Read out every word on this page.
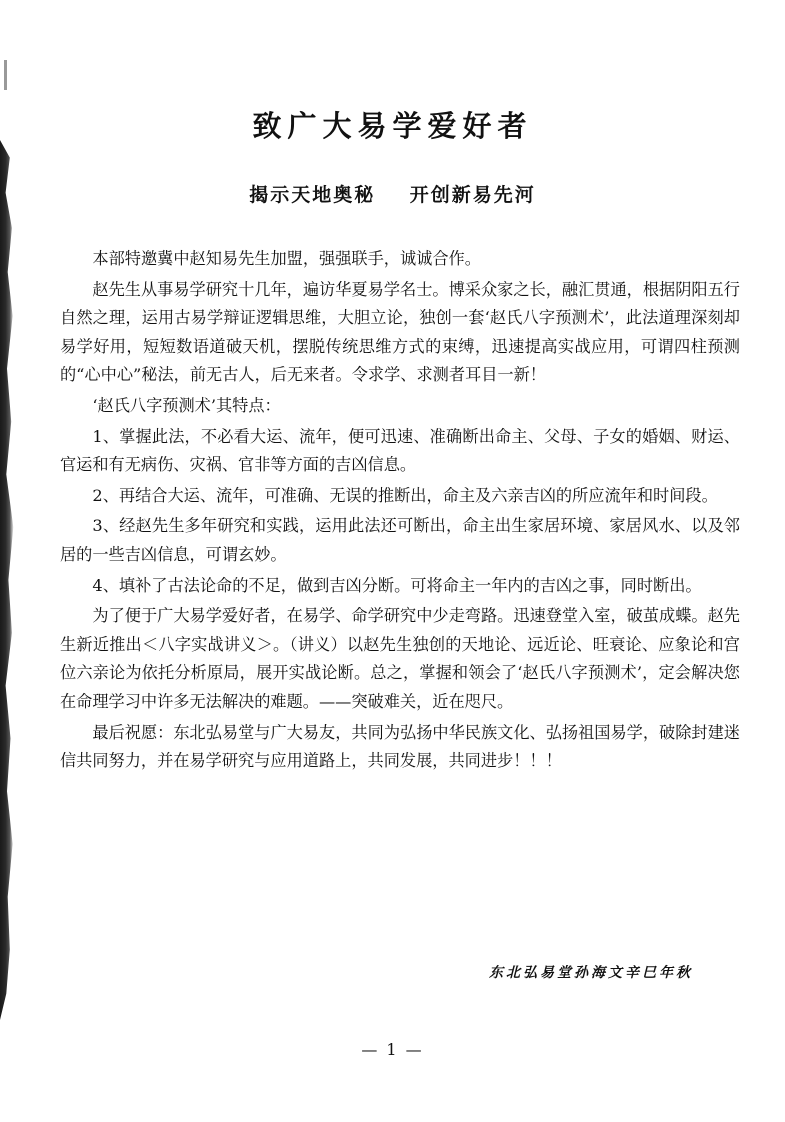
致广大易学爱好者
揭示天地奥秘    开创新易先河

本部特邀冀中赵知易先生加盟，强强联手，诚诚合作。

赵先生从事易学研究十几年，遍访华夏易学名士。博采众家之长，融汇贯通，根据阴阳五行自然之理，运用古易学辩证逻辑思维，大胆立论，独创一套‘赵氏八字预测术’，此法道理深刻却易学好用，短短数语道破天机，摆脱传统思维方式的束缚，迅速提高实战应用，可谓四柱预测的“心中心”秘法，前无古人，后无来者。令求学、求测者耳目一新！

‘赵氏八字预测术’其特点：

1、掌握此法，不必看大运、流年，便可迅速、准确断出命主、父母、子女的婚姻、财运、官运和有无病伤、灾祸、官非等方面的吉凶信息。

2、再结合大运、流年，可准确、无误的推断出，命主及六亲吉凶的所应流年和时间段。

3、经赵先生多年研究和实践，运用此法还可断出，命主出生家居环境、家居风水、以及邻居的一些吉凶信息，可谓玄妙。

4、填补了古法论命的不足，做到吉凶分断。可将命主一年内的吉凶之事，同时断出。

为了便于广大易学爱好者，在易学、命学研究中少走弯路。迅速登堂入室，破茧成蝶。赵先生新近推出＜八字实战讲义＞。（讲义）以赵先生独创的天地论、远近论、旺衰论、应象论和宫位六亲论为依托分析原局，展开实战论断。总之，掌握和领会了‘赵氏八字预测术’，定会解决您在命理学习中许多无法解决的难题。——突破难关，近在咫尺。

最后祝愿：东北弘易堂与广大易友，共同为弘扬中华民族文化、弘扬祖国易学，破除封建迷信共同努力，并在易学研究与应用道路上，共同发展，共同进步！！！

东北弘易堂孙海文辛巳年秋
— 1 —
